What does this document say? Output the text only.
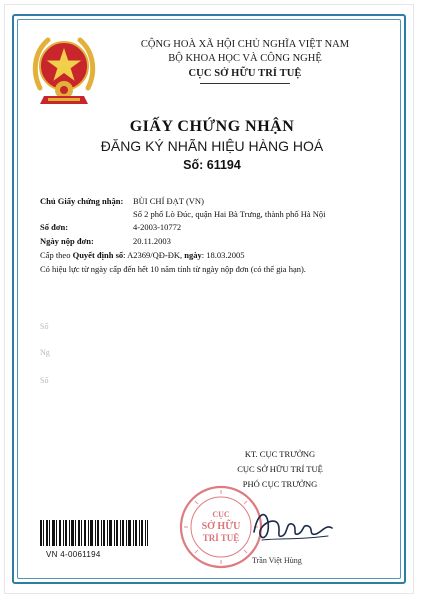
CỘNG HOÀ XÃ HỘI CHỦ NGHĨA VIỆT NAM
BỘ KHOA HỌC VÀ CÔNG NGHỆ
CỤC SỞ HỮU TRÍ TUỆ
GIẤY CHỨNG NHẬN
ĐĂNG KÝ NHÃN HIỆU HÀNG HOÁ
Số: 61194
Chủ Giấy chứng nhận: BÙI CHÍ ĐẠT (VN)
Số 2 phố Lò Đúc, quận Hai Bà Trưng, thành phố Hà Nội
Số đơn:	4-2003-10772
Ngày nộp đơn:	20.11.2003
Cấp theo Quyết định số: A2369/QĐ-ĐK, ngày: 18.03.2005
Có hiệu lực từ ngày cấp đến hết 10 năm tính từ ngày nộp đơn (có thể gia hạn).
Số
Ng
Số
KT. CỤC TRƯỞNG
CỤC SỞ HỮU TRÍ TUỆ
PHÓ CỤC TRƯỞNG
CỤC
SỞ HỮU
TRÍ TUỆ
Trần Việt Hùng
VN 4-0061194
